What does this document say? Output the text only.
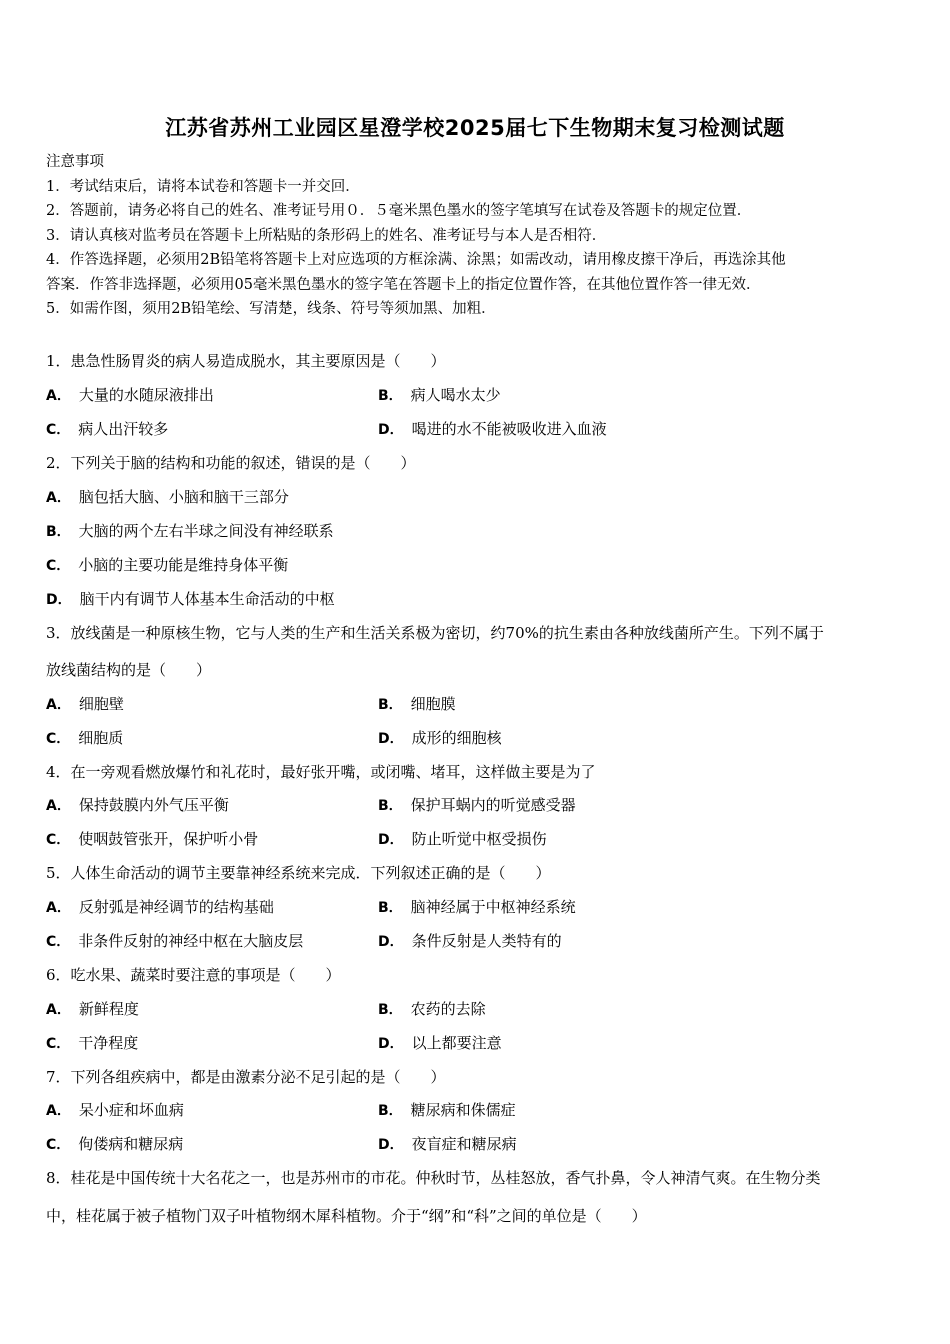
江苏省苏州工业园区星澄学校2025届七下生物期末复习检测试题
注意事项
1．考试结束后，请将本试卷和答题卡一并交回．
2．答题前，请务必将自己的姓名、准考证号用０．５毫米黑色墨水的签字笔填写在试卷及答题卡的规定位置．
3．请认真核对监考员在答题卡上所粘贴的条形码上的姓名、准考证号与本人是否相符．
4．作答选择题，必须用2B铅笔将答题卡上对应选项的方框涂满、涂黑；如需改动，请用橡皮擦干净后，再选涂其他
答案．作答非选择题，必须用05毫米黑色墨水的签字笔在答题卡上的指定位置作答，在其他位置作答一律无效．
5．如需作图，须用2B铅笔绘、写清楚，线条、符号等须加黑、加粗．
1．患急性肠胃炎的病人易造成脱水，其主要原因是（　　）
A． 大量的水随尿液排出	B． 病人喝水太少
C． 病人出汗较多	D． 喝进的水不能被吸收进入血液
2．下列关于脑的结构和功能的叙述，错误的是（　　）
A． 脑包括大脑、小脑和脑干三部分
B． 大脑的两个左右半球之间没有神经联系
C． 小脑的主要功能是维持身体平衡
D． 脑干内有调节人体基本生命活动的中枢
3．放线菌是一种原核生物，它与人类的生产和生活关系极为密切，约70%的抗生素由各种放线菌所产生。下列不属于
放线菌结构的是（　　）
A． 细胞壁	B． 细胞膜
C． 细胞质	D． 成形的细胞核
4．在一旁观看燃放爆竹和礼花时，最好张开嘴，或闭嘴、堵耳，这样做主要是为了
A． 保持鼓膜内外气压平衡	B． 保护耳蜗内的听觉感受器
C． 使咽鼓管张开，保护听小骨	D． 防止听觉中枢受损伤
5．人体生命活动的调节主要靠神经系统来完成．下列叙述正确的是（　　）
A． 反射弧是神经调节的结构基础	B． 脑神经属于中枢神经系统
C． 非条件反射的神经中枢在大脑皮层	D． 条件反射是人类特有的
6．吃水果、蔬菜时要注意的事项是（　　）
A． 新鲜程度	B． 农药的去除
C． 干净程度	D． 以上都要注意
7．下列各组疾病中，都是由激素分泌不足引起的是（　　）
A． 呆小症和坏血病	B． 糖尿病和侏儒症
C． 佝偻病和糖尿病	D． 夜盲症和糖尿病
8．桂花是中国传统十大名花之一，也是苏州市的市花。仲秋时节，丛桂怒放，香气扑鼻，令人神清气爽。在生物分类
中，桂花属于被子植物门双子叶植物纲木犀科植物。介于“纲”和“科”之间的单位是（　　）
